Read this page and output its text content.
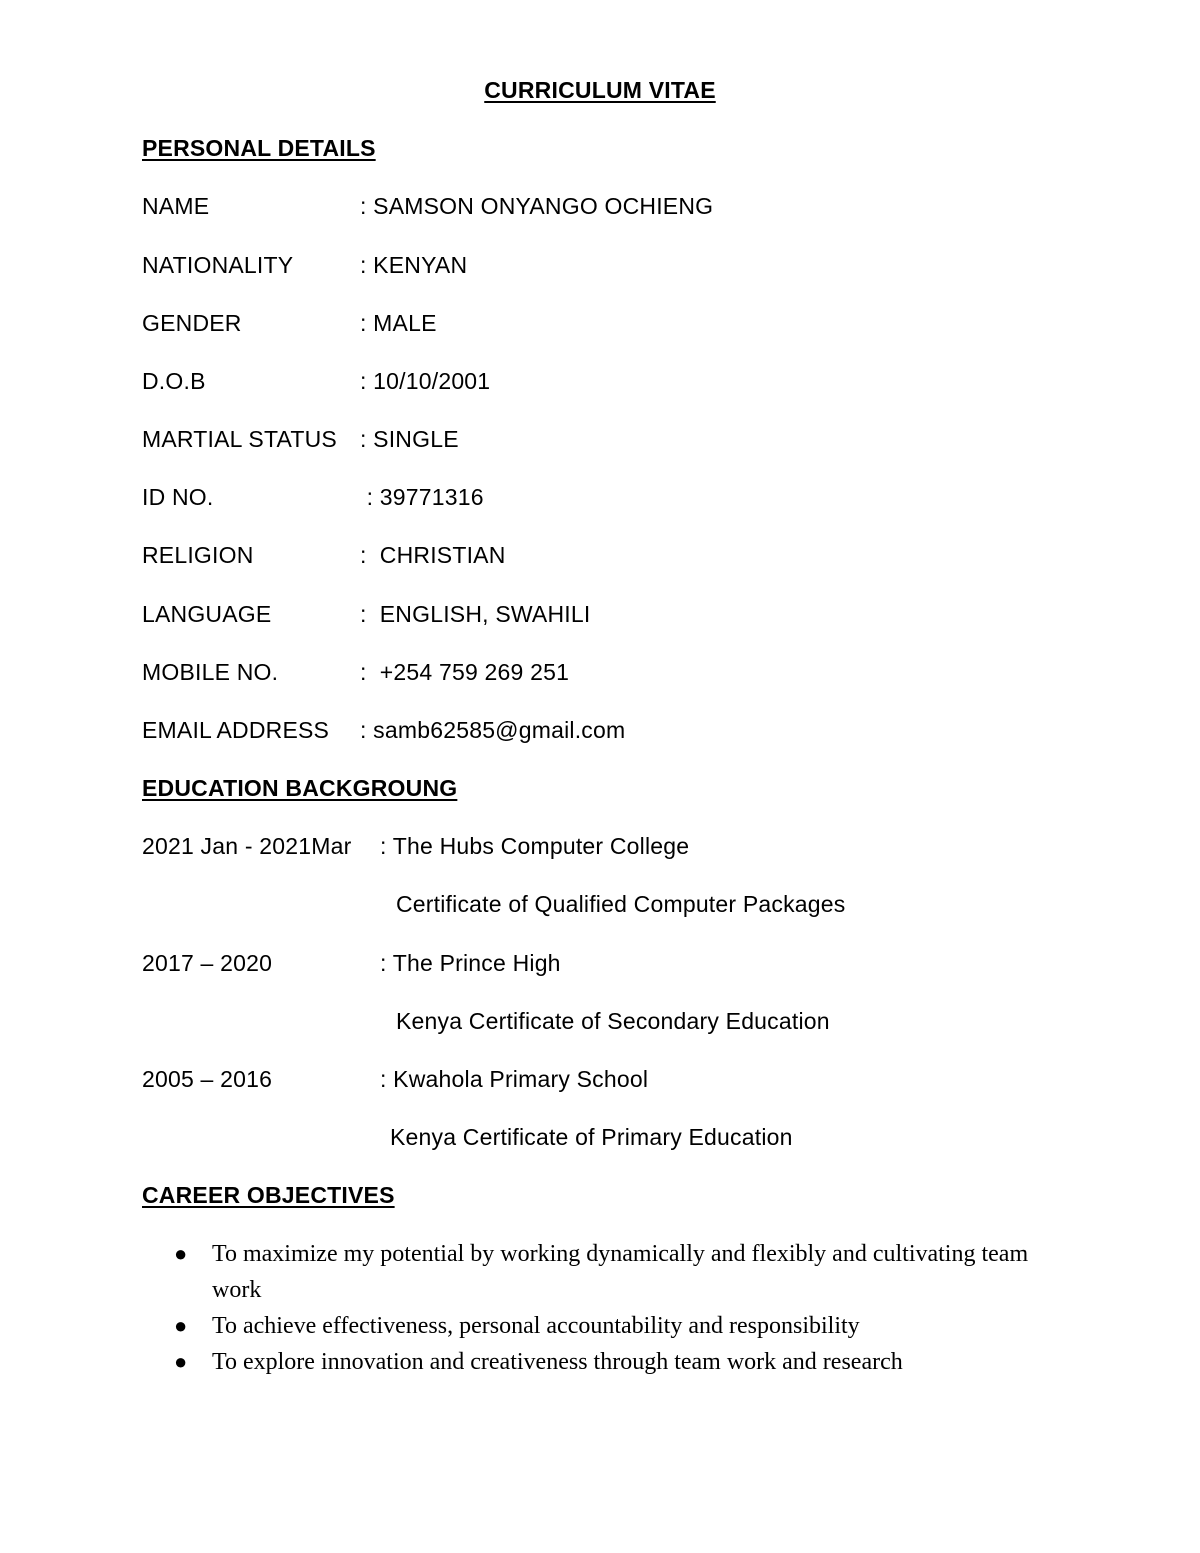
CURRICULUM VITAE
PERSONAL DETAILS
NAME	: SAMSON ONYANGO OCHIENG
NATIONALITY	: KENYAN
GENDER	: MALE
D.O.B	: 10/10/2001
MARTIAL STATUS : SINGLE
ID NO.	: 39771316
RELIGION	:  CHRISTIAN
LANGUAGE	:  ENGLISH, SWAHILI
MOBILE NO.	:  +254 759 269 251
EMAIL ADDRESS : samb62585@gmail.com
EDUCATION BACKGROUNG
2021 Jan - 2021Mar : The Hubs Computer College
Certificate of Qualified Computer Packages
2017 – 2020	: The Prince High
Kenya Certificate of Secondary Education
2005 – 2016	: Kwahola Primary School
Kenya Certificate of Primary Education
CAREER OBJECTIVES
● To maximize my potential by working dynamically and flexibly and cultivating team work
● To achieve effectiveness, personal accountability and responsibility
● To explore innovation and creativeness through team work and research
